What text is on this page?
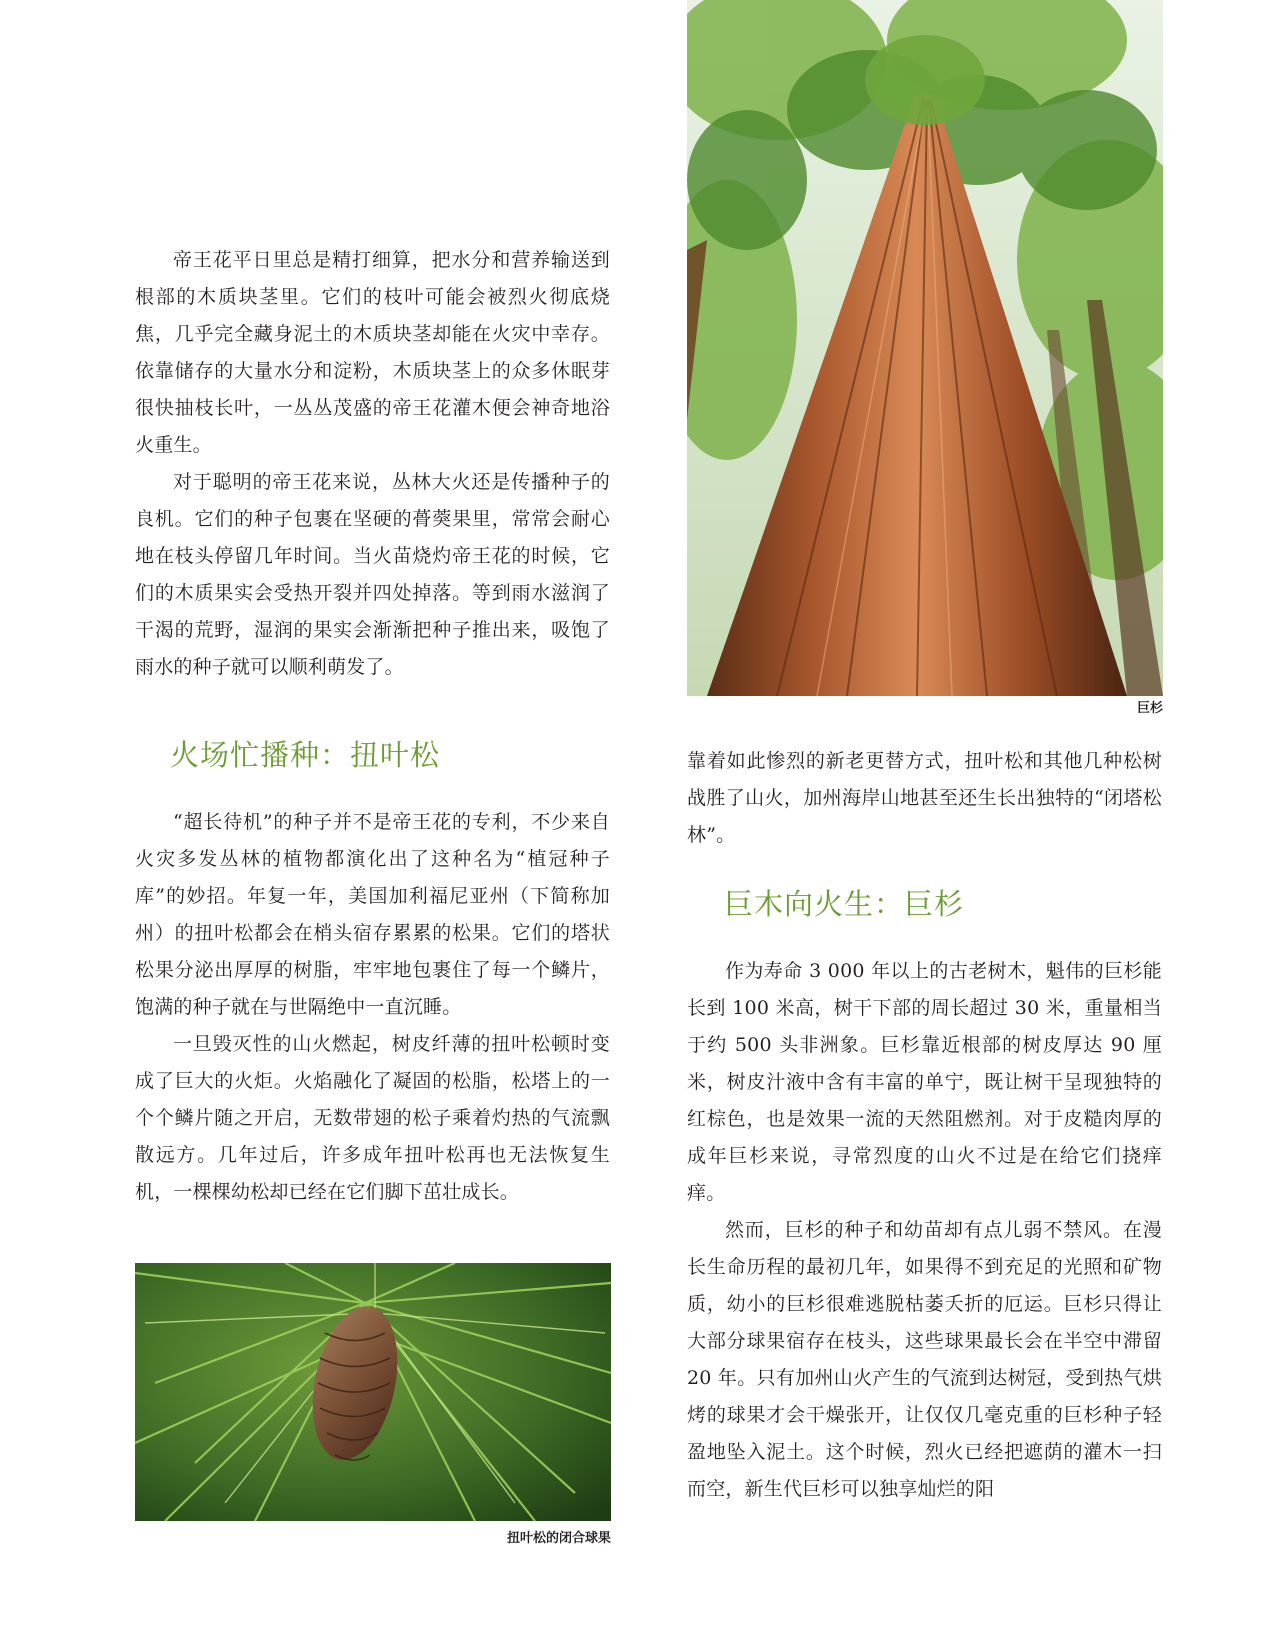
帝王花平日里总是精打细算，把水分和营养输送到根部的木质块茎里。它们的枝叶可能会被烈火彻底烧焦，几乎完全藏身泥土的木质块茎却能在火灾中幸存。依靠储存的大量水分和淀粉，木质块茎上的众多休眠芽很快抽枝长叶，一丛丛茂盛的帝王花灌木便会神奇地浴火重生。

对于聪明的帝王花来说，丛林大火还是传播种子的良机。它们的种子包裹在坚硬的蓇葖果里，常常会耐心地在枝头停留几年时间。当火苗烧灼帝王花的时候，它们的木质果实会受热开裂并四处掉落。等到雨水滋润了干渴的荒野，湿润的果实会渐渐把种子推出来，吸饱了雨水的种子就可以顺利萌发了。

火场忙播种：扭叶松

“超长待机”的种子并不是帝王花的专利，不少来自火灾多发丛林的植物都演化出了这种名为“植冠种子库”的妙招。年复一年，美国加利福尼亚州（下简称加州）的扭叶松都会在梢头宿存累累的松果。它们的塔状松果分泌出厚厚的树脂，牢牢地包裹住了每一个鳞片，饱满的种子就在与世隔绝中一直沉睡。

一旦毁灭性的山火燃起，树皮纤薄的扭叶松顿时变成了巨大的火炬。火焰融化了凝固的松脂，松塔上的一个个鳞片随之开启，无数带翅的松子乘着灼热的气流飘散远方。几年过后，许多成年扭叶松再也无法恢复生机，一棵棵幼松却已经在它们脚下茁壮成长。

扭叶松的闭合球果
巨杉

靠着如此惨烈的新老更替方式，扭叶松和其他几种松树战胜了山火，加州海岸山地甚至还生长出独特的“闭塔松林”。

巨木向火生：巨杉

作为寿命 3 000 年以上的古老树木，魁伟的巨杉能长到 100 米高，树干下部的周长超过 30 米，重量相当于约 500 头非洲象。巨杉靠近根部的树皮厚达 90 厘米，树皮汁液中含有丰富的单宁，既让树干呈现独特的红棕色，也是效果一流的天然阻燃剂。对于皮糙肉厚的成年巨杉来说，寻常烈度的山火不过是在给它们挠痒痒。

然而，巨杉的种子和幼苗却有点儿弱不禁风。在漫长生命历程的最初几年，如果得不到充足的光照和矿物质，幼小的巨杉很难逃脱枯萎夭折的厄运。巨杉只得让大部分球果宿存在枝头，这些球果最长会在半空中滞留 20 年。只有加州山火产生的气流到达树冠，受到热气烘烤的球果才会干燥张开，让仅仅几毫克重的巨杉种子轻盈地坠入泥土。这个时候，烈火已经把遮荫的灌木一扫而空，新生代巨杉可以独享灿烂的阳
